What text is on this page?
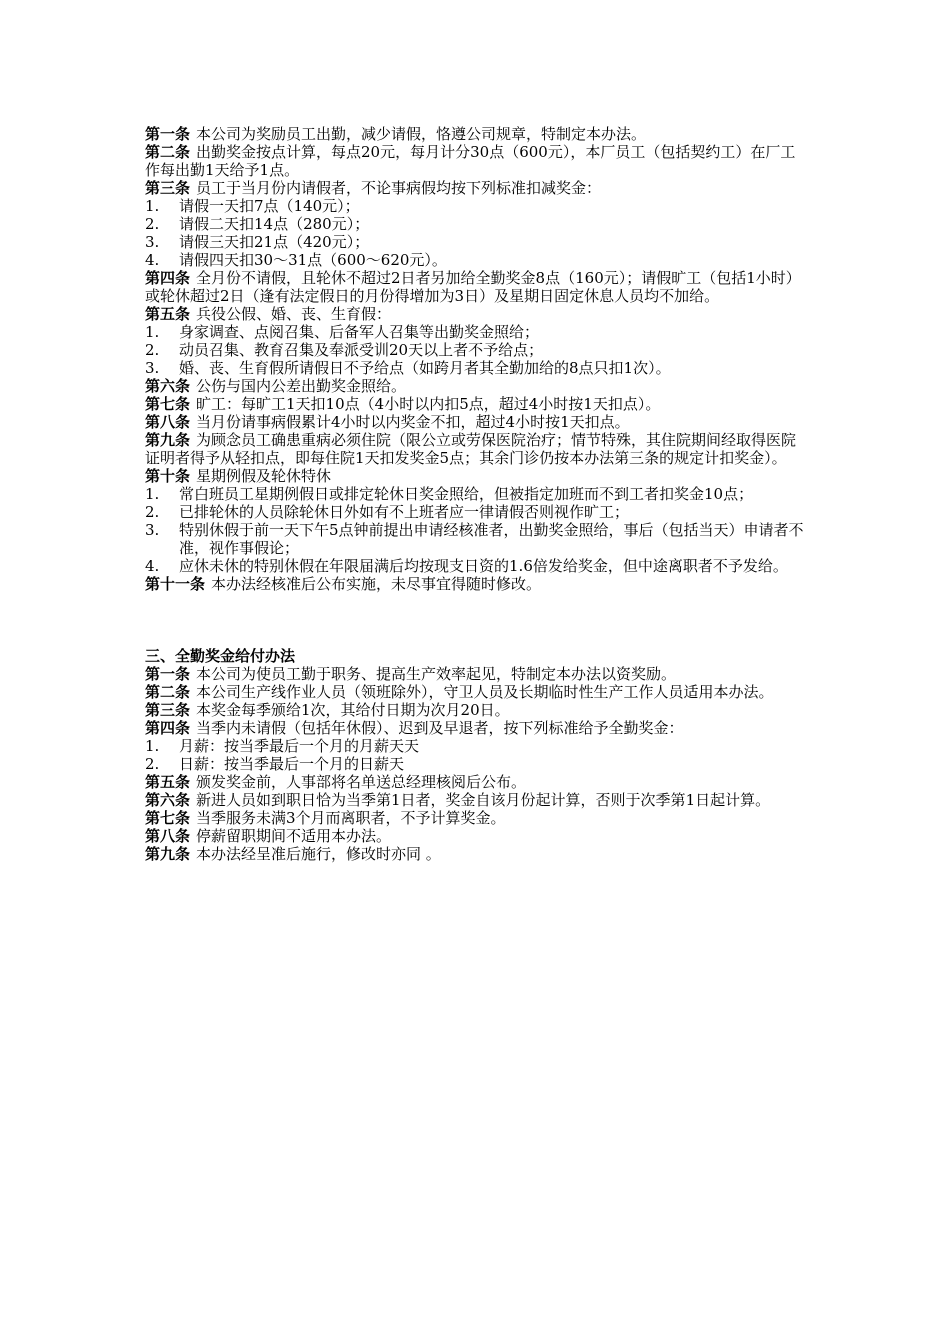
第一条 本公司为奖励员工出勤，减少请假，恪遵公司规章，特制定本办法。

第二条 出勤奖金按点计算，每点20元，每月计分30点（600元），本厂员工（包括契约工）在厂工作每出勤1天给予1点。

第三条 员工于当月份内请假者，不论事病假均按下列标准扣减奖金：

1.	请假一天扣7点（140元）；
2.	请假二天扣14点（280元）；
3.	请假三天扣21点（420元）；
4.	请假四天扣30～31点（600～620元）。

第四条 全月份不请假，且轮休不超过2日者另加给全勤奖金8点（160元）；请假旷工（包括1小时）或轮休超过2日（逢有法定假日的月份得增加为3日）及星期日固定休息人员均不加给。

第五条 兵役公假、婚、丧、生育假：

1.	身家调查、点阅召集、后备军人召集等出勤奖金照给；
2.	动员召集、教育召集及奉派受训20天以上者不予给点；
3.	婚、丧、生育假所请假日不予给点（如跨月者其全勤加给的8点只扣1次）。

第六条 公伤与国内公差出勤奖金照给。

第七条 旷工：每旷工1天扣10点（4小时以内扣5点，超过4小时按1天扣点）。

第八条 当月份请事病假累计4小时以内奖金不扣，超过4小时按1天扣点。

第九条 为顾念员工确患重病必须住院（限公立或劳保医院治疗；情节特殊，其住院期间经取得医院证明者得予从轻扣点，即每住院1天扣发奖金5点；其余门诊仍按本办法第三条的规定计扣奖金）。

第十条 星期例假及轮休特休

1.	常白班员工星期例假日或排定轮休日奖金照给，但被指定加班而不到工者扣奖金10点；
2.	已排轮休的人员除轮休日外如有不上班者应一律请假否则视作旷工；
3.	特别休假于前一天下午5点钟前提出申请经核准者，出勤奖金照给，事后（包括当天）申请者不准，视作事假论；
4.	应休未休的特别休假在年限届满后均按现支日资的1.6倍发给奖金，但中途离职者不予发给。

第十一条 本办法经核准后公布实施，未尽事宜得随时修改。

三、全勤奖金给付办法

第一条 本公司为使员工勤于职务、提高生产效率起见，特制定本办法以资奖励。

第二条 本公司生产线作业人员（领班除外），守卫人员及长期临时性生产工作人员适用本办法。

第三条 本奖金每季颁给1次，其给付日期为次月20日。

第四条 当季内未请假（包括年休假）、迟到及早退者，按下列标准给予全勤奖金：

1.	月薪：按当季最后一个月的月薪天天
2.	日薪：按当季最后一个月的日薪天

第五条 颁发奖金前，人事部将名单送总经理核阅后公布。

第六条 新进人员如到职日恰为当季第1日者，奖金自该月份起计算，否则于次季第1日起计算。

第七条 当季服务未满3个月而离职者，不予计算奖金。

第八条 停薪留职期间不适用本办法。

第九条 本办法经呈准后施行，修改时亦同 。
